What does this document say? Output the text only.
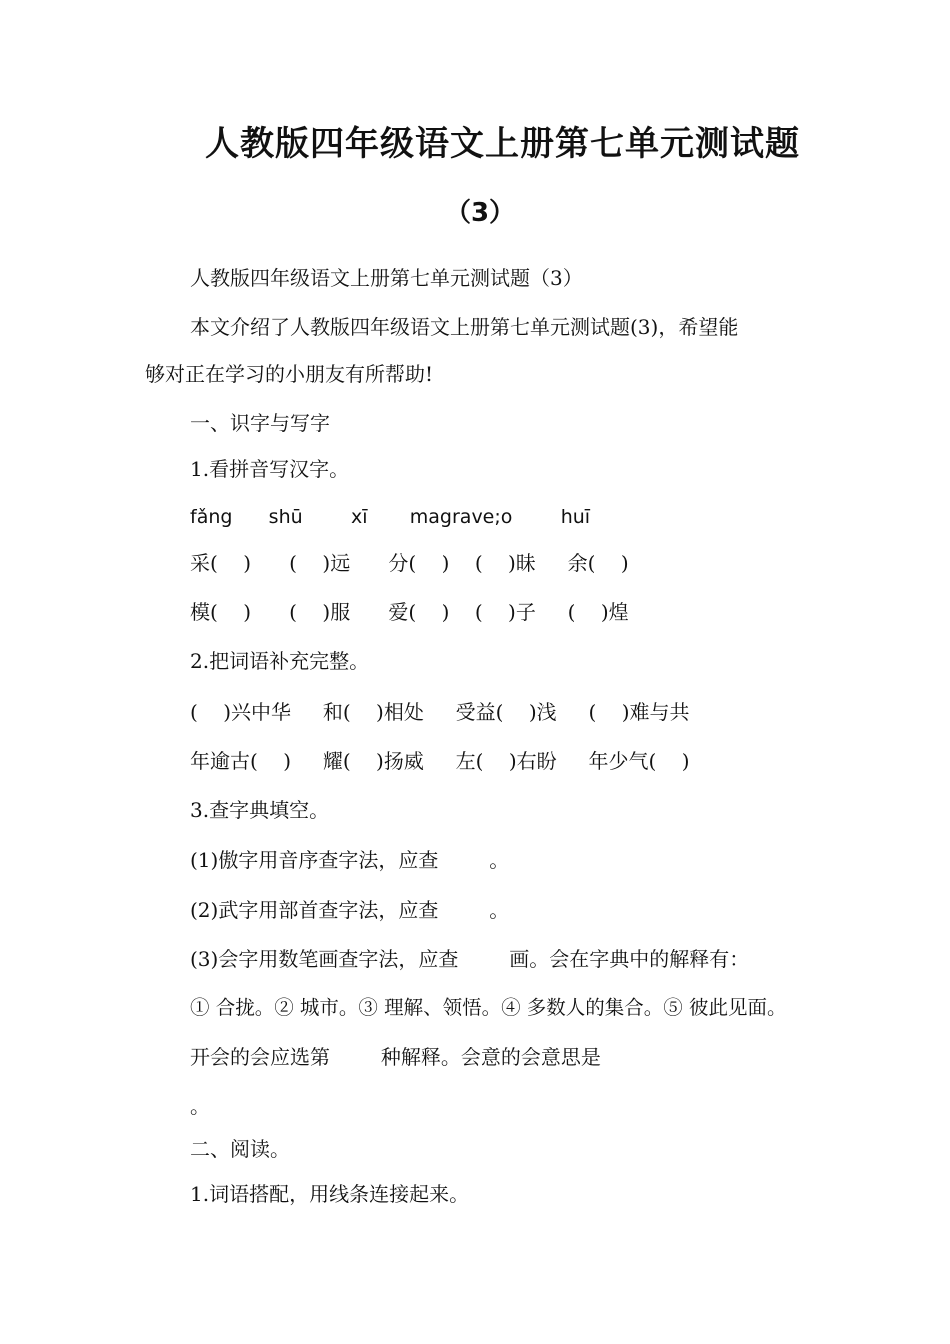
人教版四年级语文上册第七单元测试题
（3）
人教版四年级语文上册第七单元测试题（3）
本文介绍了人教版四年级语文上册第七单元测试题(3)，希望能
够对正在学习的小朋友有所帮助!
一、识字与写字
1.看拼音写汉字。
fǎng      shū        xī       magrave;o        huī
采(    )      (    )远      分(    )    (    )昧     余(    )
模(    )      (    )服      爱(    )    (    )子     (    )煌
2.把词语补充完整。
(    )兴中华     和(    )相处     受益(    )浅     (    )难与共
年逾古(    )     耀(    )扬威     左(    )右盼     年少气(    )
3.查字典填空。
(1)傲字用音序查字法，应查        。
(2)武字用部首查字法，应查        。
(3)会字用数笔画查字法，应查        画。会在字典中的解释有：
① 合拢。② 城市。③ 理解、领悟。④ 多数人的集合。⑤ 彼此见面。
开会的会应选第        种解释。会意的会意思是
。
二、阅读。
1.词语搭配，用线条连接起来。
